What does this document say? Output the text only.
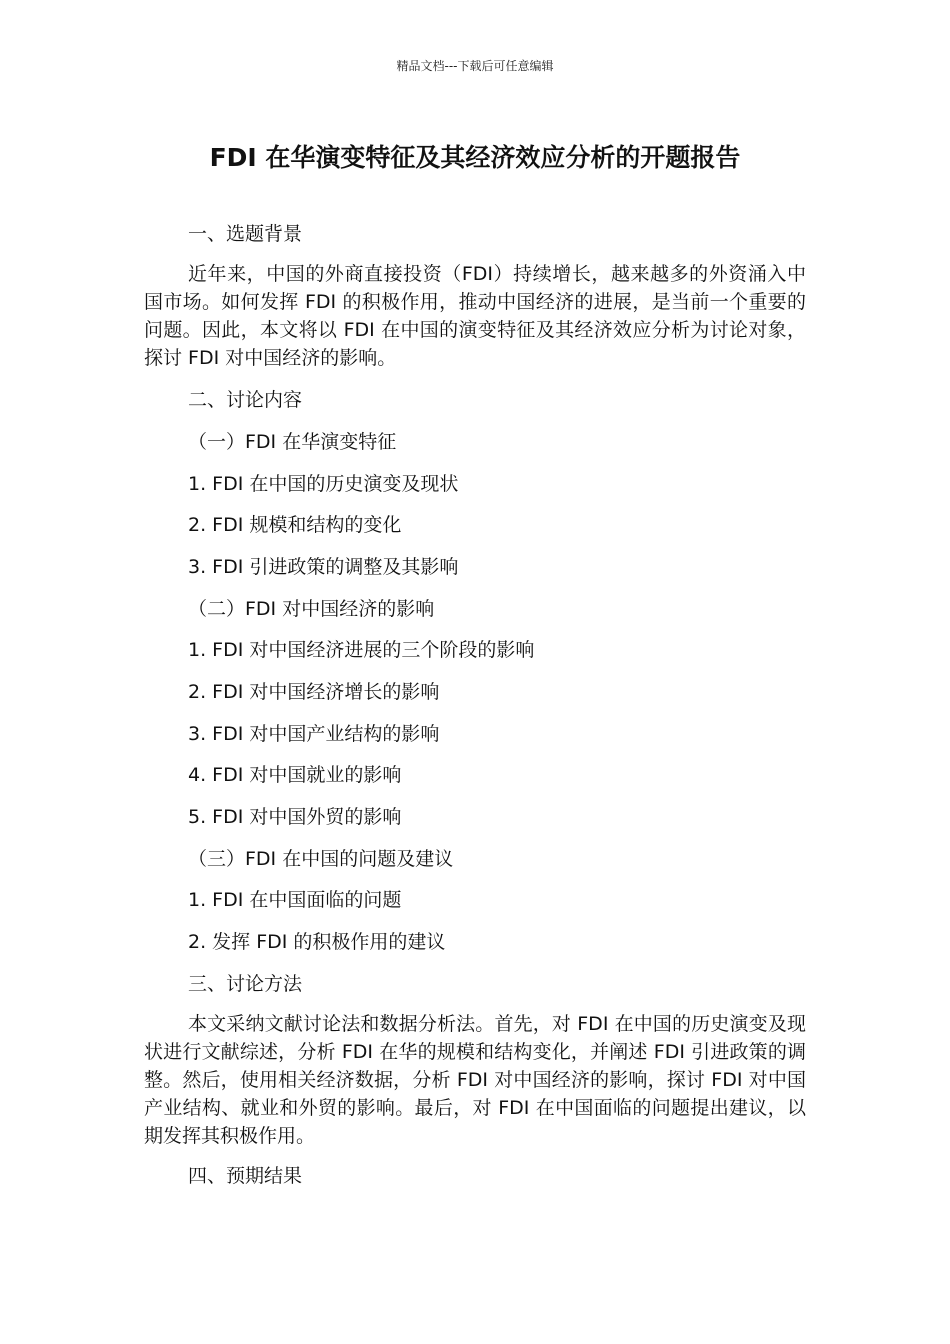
精品文档---下载后可任意编辑
FDI 在华演变特征及其经济效应分析的开题报告
一、选题背景

近年来，中国的外商直接投资（FDI）持续增长，越来越多的外资涌入中国市场。如何发挥 FDI 的积极作用，推动中国经济的进展，是当前一个重要的问题。因此，本文将以 FDI 在中国的演变特征及其经济效应分析为讨论对象，探讨 FDI 对中国经济的影响。

二、讨论内容
（一）FDI 在华演变特征
1. FDI 在中国的历史演变及现状
2. FDI 规模和结构的变化
3. FDI 引进政策的调整及其影响
（二）FDI 对中国经济的影响
1. FDI 对中国经济进展的三个阶段的影响
2. FDI 对中国经济增长的影响
3. FDI 对中国产业结构的影响
4. FDI 对中国就业的影响
5. FDI 对中国外贸的影响
（三）FDI 在中国的问题及建议
1. FDI 在中国面临的问题
2. 发挥 FDI 的积极作用的建议
三、讨论方法

本文采纳文献讨论法和数据分析法。首先，对 FDI 在中国的历史演变及现状进行文献综述，分析 FDI 在华的规模和结构变化，并阐述 FDI 引进政策的调整。然后，使用相关经济数据，分析 FDI 对中国经济的影响，探讨 FDI 对中国产业结构、就业和外贸的影响。最后，对 FDI 在中国面临的问题提出建议，以期发挥其积极作用。

四、预期结果
